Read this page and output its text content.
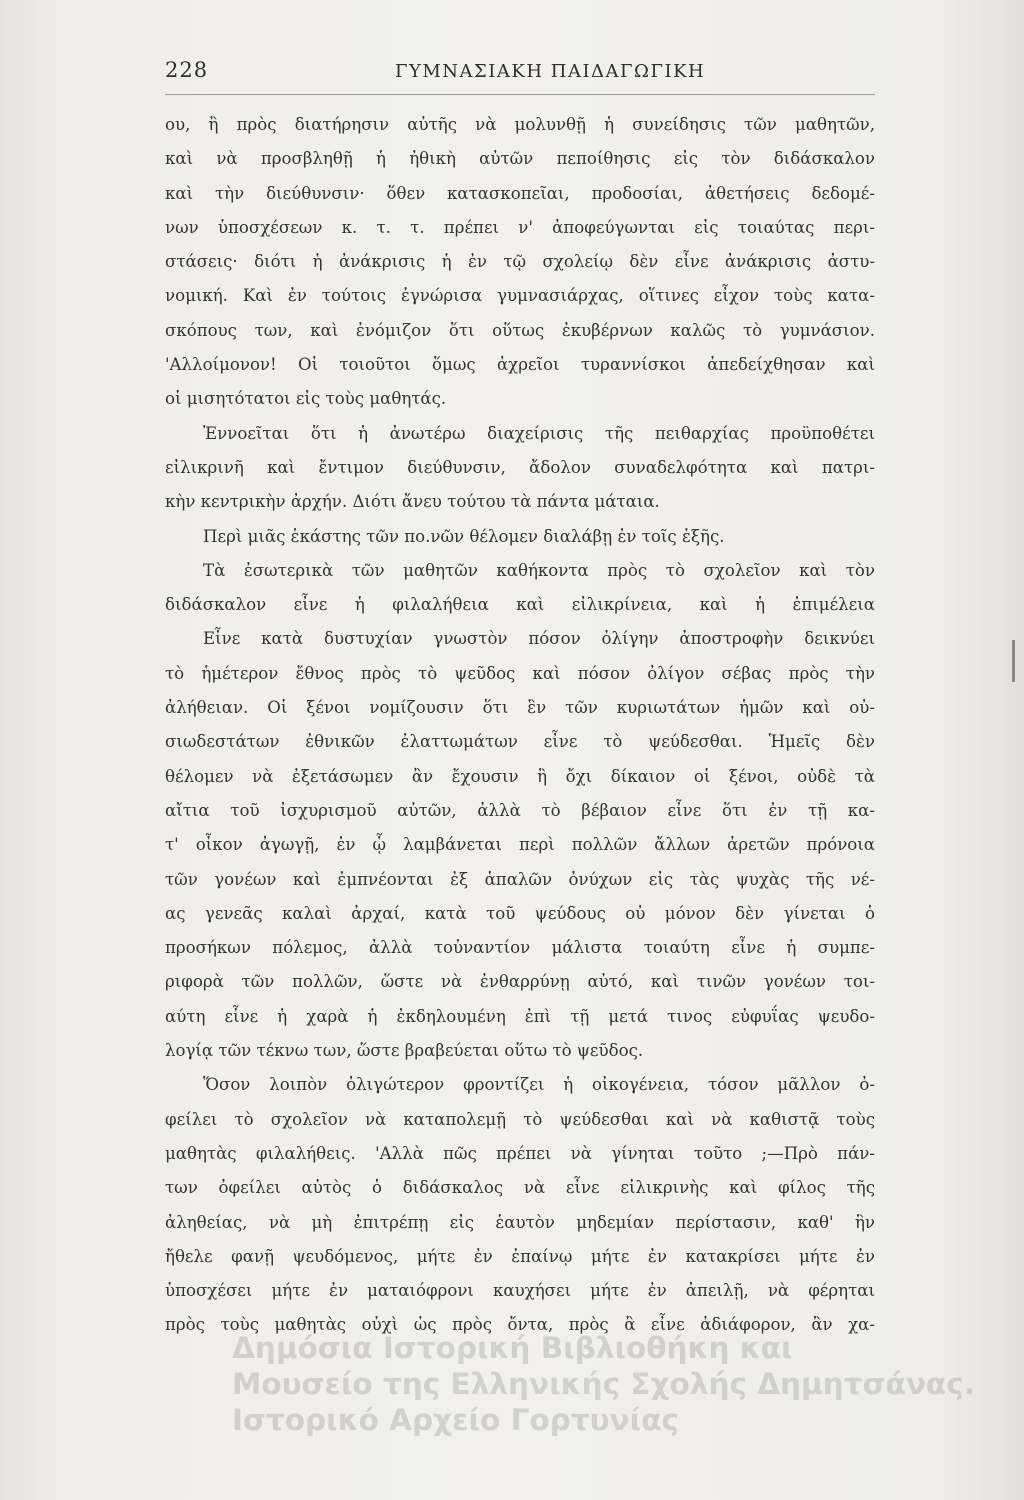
228	ΓΥΜΝΑΣΙΑΚΗ ΠΑΙΔΑΓΩΓΙΚΗ
ου, ἢ πρὸς διατήρησιν αὐτῆς νὰ μολυνθῇ ἡ συνείδησις τῶν μαθητῶν,
καὶ νὰ προσβληθῇ ἡ ἠθικὴ αὐτῶν πεποίθησις εἰς τὸν διδάσκαλον
καὶ τὴν διεύθυνσιν· ὅθεν κατασκοπεῖαι, προδοσίαι, ἀθετήσεις δεδομέ-
νων ὑποσχέσεων κ. τ. τ. πρέπει ν' ἀποφεύγωνται εἰς τοιαύτας περι-
στάσεις· διότι ἡ ἀνάκρισις ἡ ἐν τῷ σχολείῳ δὲν εἶνε ἀνάκρισις ἀστυ-
νομική. Καὶ ἐν τούτοις ἐγνώρισα γυμνασιάρχας, οἵτινες εἶχον τοὺς κατα-
σκόπους των, καὶ ἐνόμιζον ὅτι οὕτως ἐκυβέρνων καλῶς τὸ γυμνάσιον.
'Αλλοίμονον! Οἱ τοιοῦτοι ὅμως ἀχρεῖοι τυραννίσκοι ἀπεδείχθησαν καὶ
οἱ μισητότατοι εἰς τοὺς μαθητάς.
Ἐννοεῖται ὅτι ἡ ἀνωτέρω διαχείρισις τῆς πειθαρχίας προϋποθέτει
εἰλικρινῆ καὶ ἔντιμον διεύθυνσιν, ἄδολον συναδελφότητα καὶ πατρι-
κὴν κεντρικὴν ἀρχήν. Διότι ἄνευ τούτου τὰ πάντα μάταια.
Περὶ μιᾶς ἑκάστης τῶν πο.νῶν θέλομεν διαλάβῃ ἐν τοῖς ἑξῆς.
Τὰ ἐσωτερικὰ τῶν μαθητῶν καθήκοντα πρὸς τὸ σχολεῖον καὶ τὸν
διδάσκαλον εἶνε ἡ φιλαλήθεια καὶ εἰλικρίνεια, καὶ ἡ ἐπιμέλεια
Εἶνε κατὰ δυστυχίαν γνωστὸν πόσον ὀλίγην ἀποστροφὴν δεικνύει
τὸ ἡμέτερον ἔθνος πρὸς τὸ ψεῦδος καὶ πόσον ὀλίγον σέβας πρὸς τὴν
ἀλήθειαν. Οἱ ξένοι νομίζουσιν ὅτι ἓν τῶν κυριωτάτων ἡμῶν καὶ οὐ-
σιωδεστάτων ἐθνικῶν ἐλαττωμάτων εἶνε τὸ ψεύδεσθαι. Ἡμεῖς δὲν
θέλομεν νὰ ἐξετάσωμεν ἂν ἔχουσιν ἢ ὄχι δίκαιον οἱ ξένοι, οὐδὲ τὰ
αἴτια τοῦ ἰσχυρισμοῦ αὐτῶν, ἀλλὰ τὸ βέβαιον εἶνε ὅτι ἐν τῇ κα-
τ' οἶκον ἀγωγῇ, ἐν ᾧ λαμβάνεται περὶ πολλῶν ἄλλων ἀρετῶν πρόνοια
τῶν γονέων καὶ ἐμπνέονται ἐξ ἁπαλῶν ὀνύχων εἰς τὰς ψυχὰς τῆς νέ-
ας γενεᾶς καλαὶ ἀρχαί, κατὰ τοῦ ψεύδους οὐ μόνον δὲν γίνεται ὁ
προσήκων πόλεμος, ἀλλὰ τοὐναντίον μάλιστα τοιαύτη εἶνε ἡ συμπε-
ριφορὰ τῶν πολλῶν, ὥστε νὰ ἐνθαρρύνῃ αὐτό, καὶ τινῶν γονέων τοι-
αύτη εἶνε ἡ χαρὰ ἡ ἐκδηλουμένη ἐπὶ τῇ μετά τινος εὐφυΐας ψευδο-
λογίᾳ τῶν τέκνω των, ὥστε βραβεύεται οὕτω τὸ ψεῦδος.
Ὅσον λοιπὸν ὀλιγώτερον φροντίζει ἡ οἰκογένεια, τόσον μᾶλλον ὀ-
φείλει τὸ σχολεῖον νὰ καταπολεμῇ τὸ ψεύδεσθαι καὶ νὰ καθιστᾷ τοὺς
μαθητὰς φιλαλήθεις. 'Αλλὰ πῶς πρέπει νὰ γίνηται τοῦτο ;—Πρὸ πάν-
των ὀφείλει αὐτὸς ὁ διδάσκαλος νὰ εἶνε εἰλικρινὴς καὶ φίλος τῆς
ἀληθείας, νὰ μὴ ἐπιτρέπῃ εἰς ἑαυτὸν μηδεμίαν περίστασιν, καθ' ἣν
ἤθελε φανῇ ψευδόμενος, μήτε ἐν ἐπαίνῳ μήτε ἐν κατακρίσει μήτε ἐν
ὑποσχέσει μήτε ἐν ματαιόφρονι καυχήσει μήτε ἐν ἀπειλῇ, νὰ φέρηται
πρὸς τοὺς μαθητὰς οὐχὶ ὡς πρὸς ὄντα, πρὸς ἃ εἶνε ἀδιάφορον, ἂν χα-
Δημόσια Ιστορική Βιβλιοθήκη και
Μουσείο της Ελληνικής Σχολής Δημητσάνας.
Ιστορικό Αρχείο Γορτυνίας
